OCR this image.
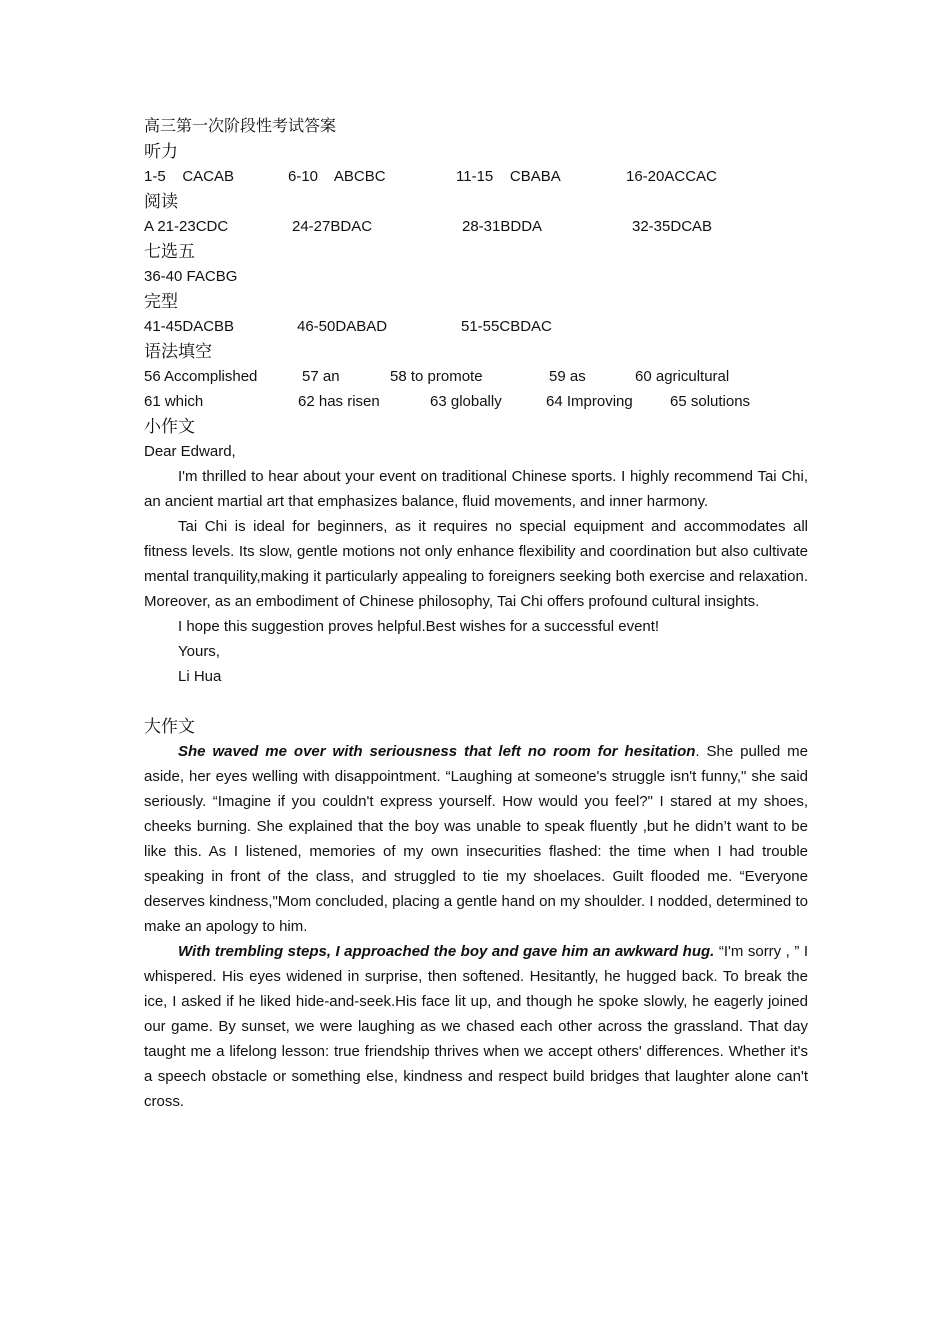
高三第一次阶段性考试答案
听力
1-5    CACAB	6-10    ABCBC	11-15    CBABA	16-20ACCAC
阅读
A 21-23CDC	24-27BDAC	28-31BDDA	32-35DCAB
七选五
36-40 FACBG
完型
41-45DACBB	46-50DABAD	51-55CBDAC
语法填空
56 Accomplished	57 an	58 to promote	59 as	60 agricultural
61 which	62 has risen	63 globally	64 Improving 65 solutions
小作文

Dear Edward,

I'm thrilled to hear about your event on traditional Chinese sports. I highly recommend Tai Chi, an ancient martial art that emphasizes balance, fluid movements, and inner harmony.

Tai Chi is ideal for beginners, as it requires no special equipment and accommodates all fitness levels. Its slow, gentle motions not only enhance flexibility and coordination but also cultivate mental tranquility,making it particularly appealing to foreigners seeking both exercise and relaxation. Moreover, as an embodiment of Chinese philosophy, Tai Chi offers profound cultural insights.

I hope this suggestion proves helpful.Best wishes for a successful event!

Yours,

Li Hua

大作文

She waved me over with seriousness that left no room for hesitation. She pulled me aside, her eyes welling with disappointment. “Laughing at someone's struggle isn't funny," she said seriously. “Imagine if you couldn't express yourself. How would you feel?" I stared at my shoes, cheeks burning. She explained that the boy was unable to speak fluently ,but he didn’t want to be like this. As I listened, memories of my own insecurities flashed: the time when I had trouble speaking in front of the class, and struggled to tie my shoelaces. Guilt flooded me. “Everyone deserves kindness,"Mom concluded, placing a gentle hand on my shoulder. I nodded, determined to make an apology to him.

With trembling steps, I approached the boy and gave him an awkward hug. “I'm sorry , ” I whispered. His eyes widened in surprise, then softened. Hesitantly, he hugged back. To break the ice, I asked if he liked hide-and-seek.His face lit up, and though he spoke slowly, he eagerly joined our game. By sunset, we were laughing as we chased each other across the grassland. That day taught me a lifelong lesson: true friendship thrives when we accept others' differences. Whether it's a speech obstacle or something else, kindness and respect build bridges that laughter alone can't cross.
